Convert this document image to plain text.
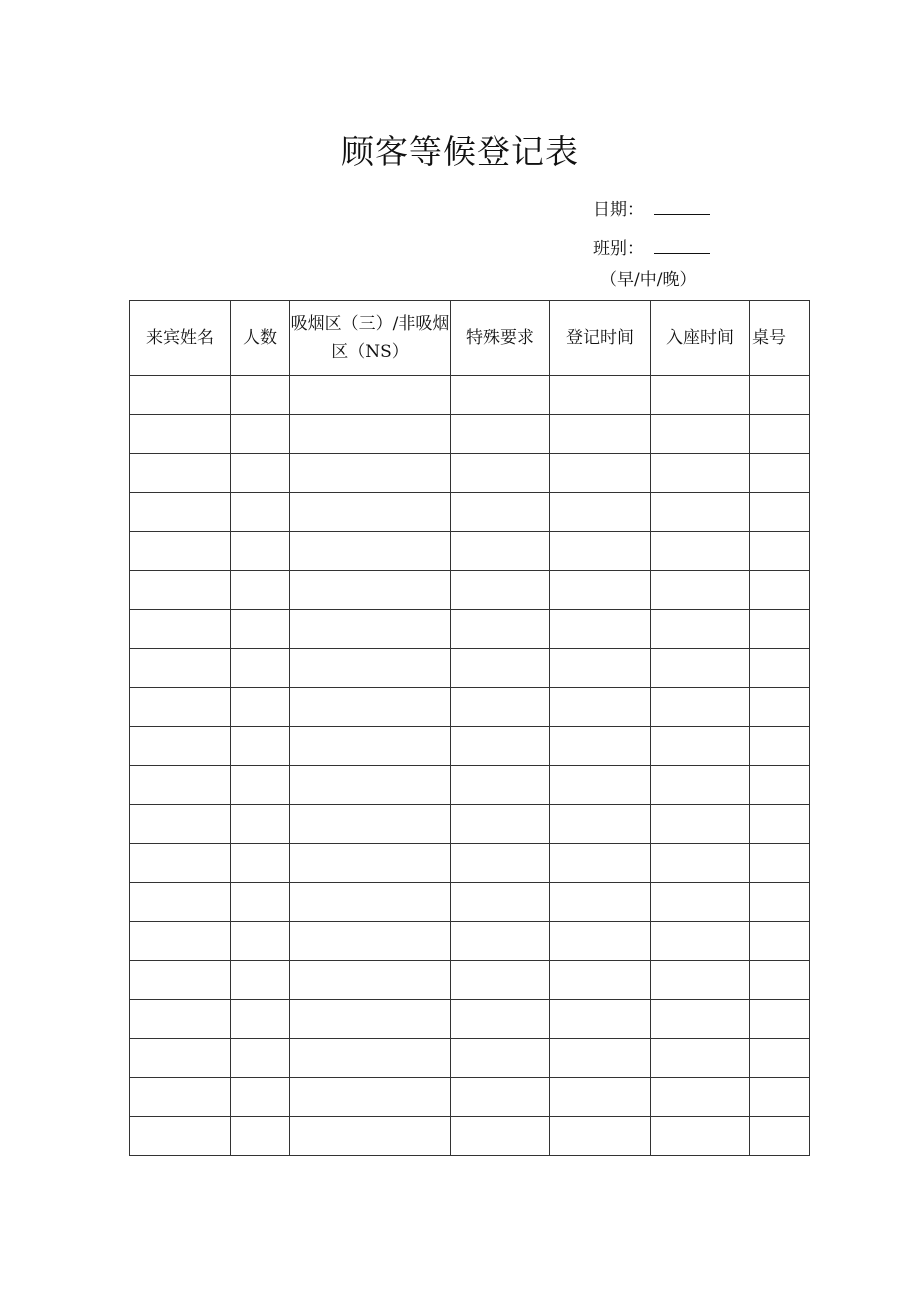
顾客等候登记表
日期：
班别：
（早/中/晚）
来宾姓名	人数	吸烟区（三）/非吸烟区（NS）	特殊要求	登记时间	入座时间	桌号
